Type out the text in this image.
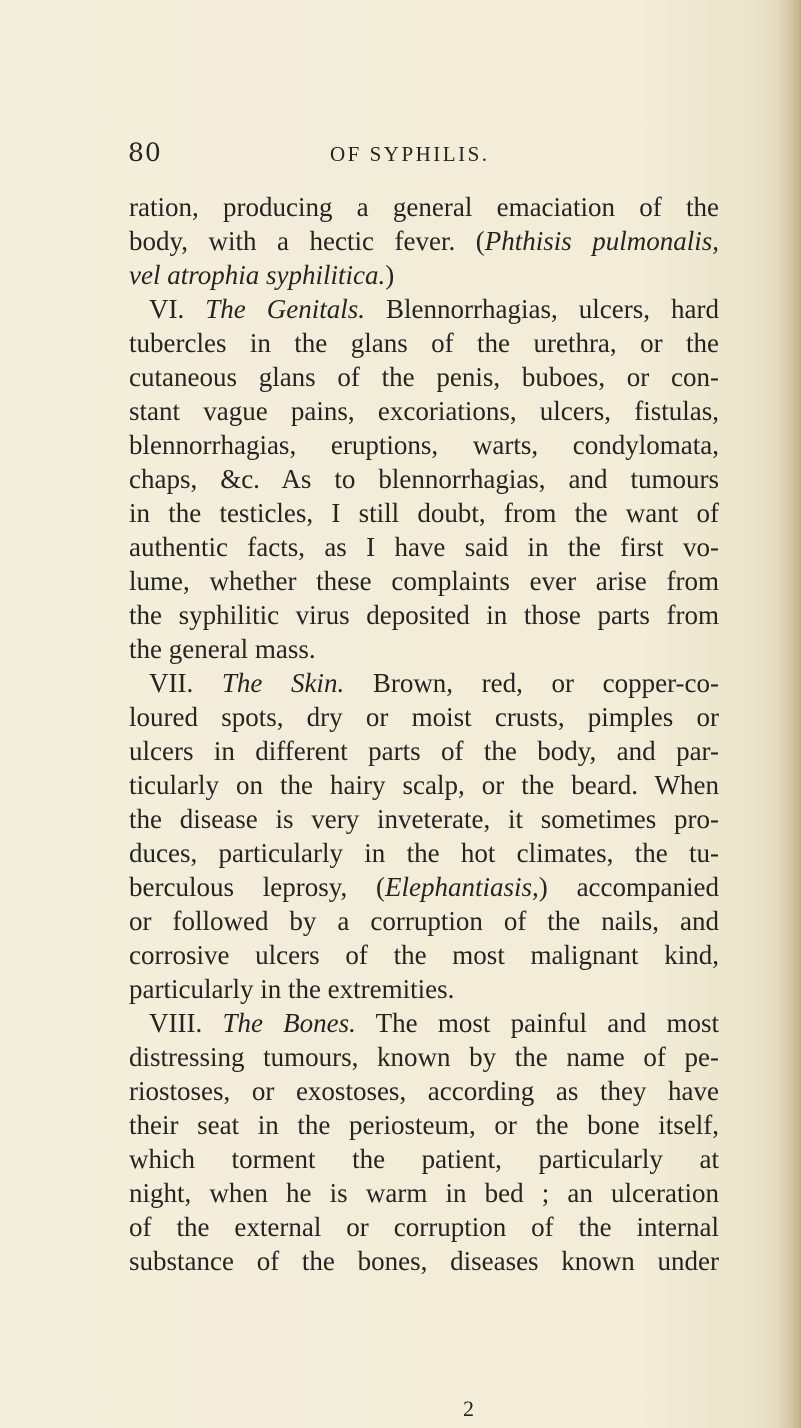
80	OF SYPHILIS.
ration, producing a general emaciation of the
body, with a hectic fever. (Phthisis pulmonalis,
vel atrophia syphilitica.)
VI. The Genitals. Blennorrhagias, ulcers, hard
tubercles in the glans of the urethra, or the
cutaneous glans of the penis, buboes, or con-
stant vague pains, excoriations, ulcers, fistulas,
blennorrhagias, eruptions, warts, condylomata,
chaps, &c. As to blennorrhagias, and tumours
in the testicles, I still doubt, from the want of
authentic facts, as I have said in the first vo-
lume, whether these complaints ever arise from
the syphilitic virus deposited in those parts from
the general mass.
VII. The Skin. Brown, red, or copper-co-
loured spots, dry or moist crusts, pimples or
ulcers in different parts of the body, and par-
ticularly on the hairy scalp, or the beard. When
the disease is very inveterate, it sometimes pro-
duces, particularly in the hot climates, the tu-
berculous leprosy, (Elephantiasis,) accompanied
or followed by a corruption of the nails, and
corrosive ulcers of the most malignant kind,
particularly in the extremities.
VIII. The Bones. The most painful and most
distressing tumours, known by the name of pe-
riostoses, or exostoses, according as they have
their seat in the periosteum, or the bone itself,
which torment the patient, particularly at
night, when he is warm in bed ; an ulceration
of the external or corruption of the internal
substance of the bones, diseases known under
2
